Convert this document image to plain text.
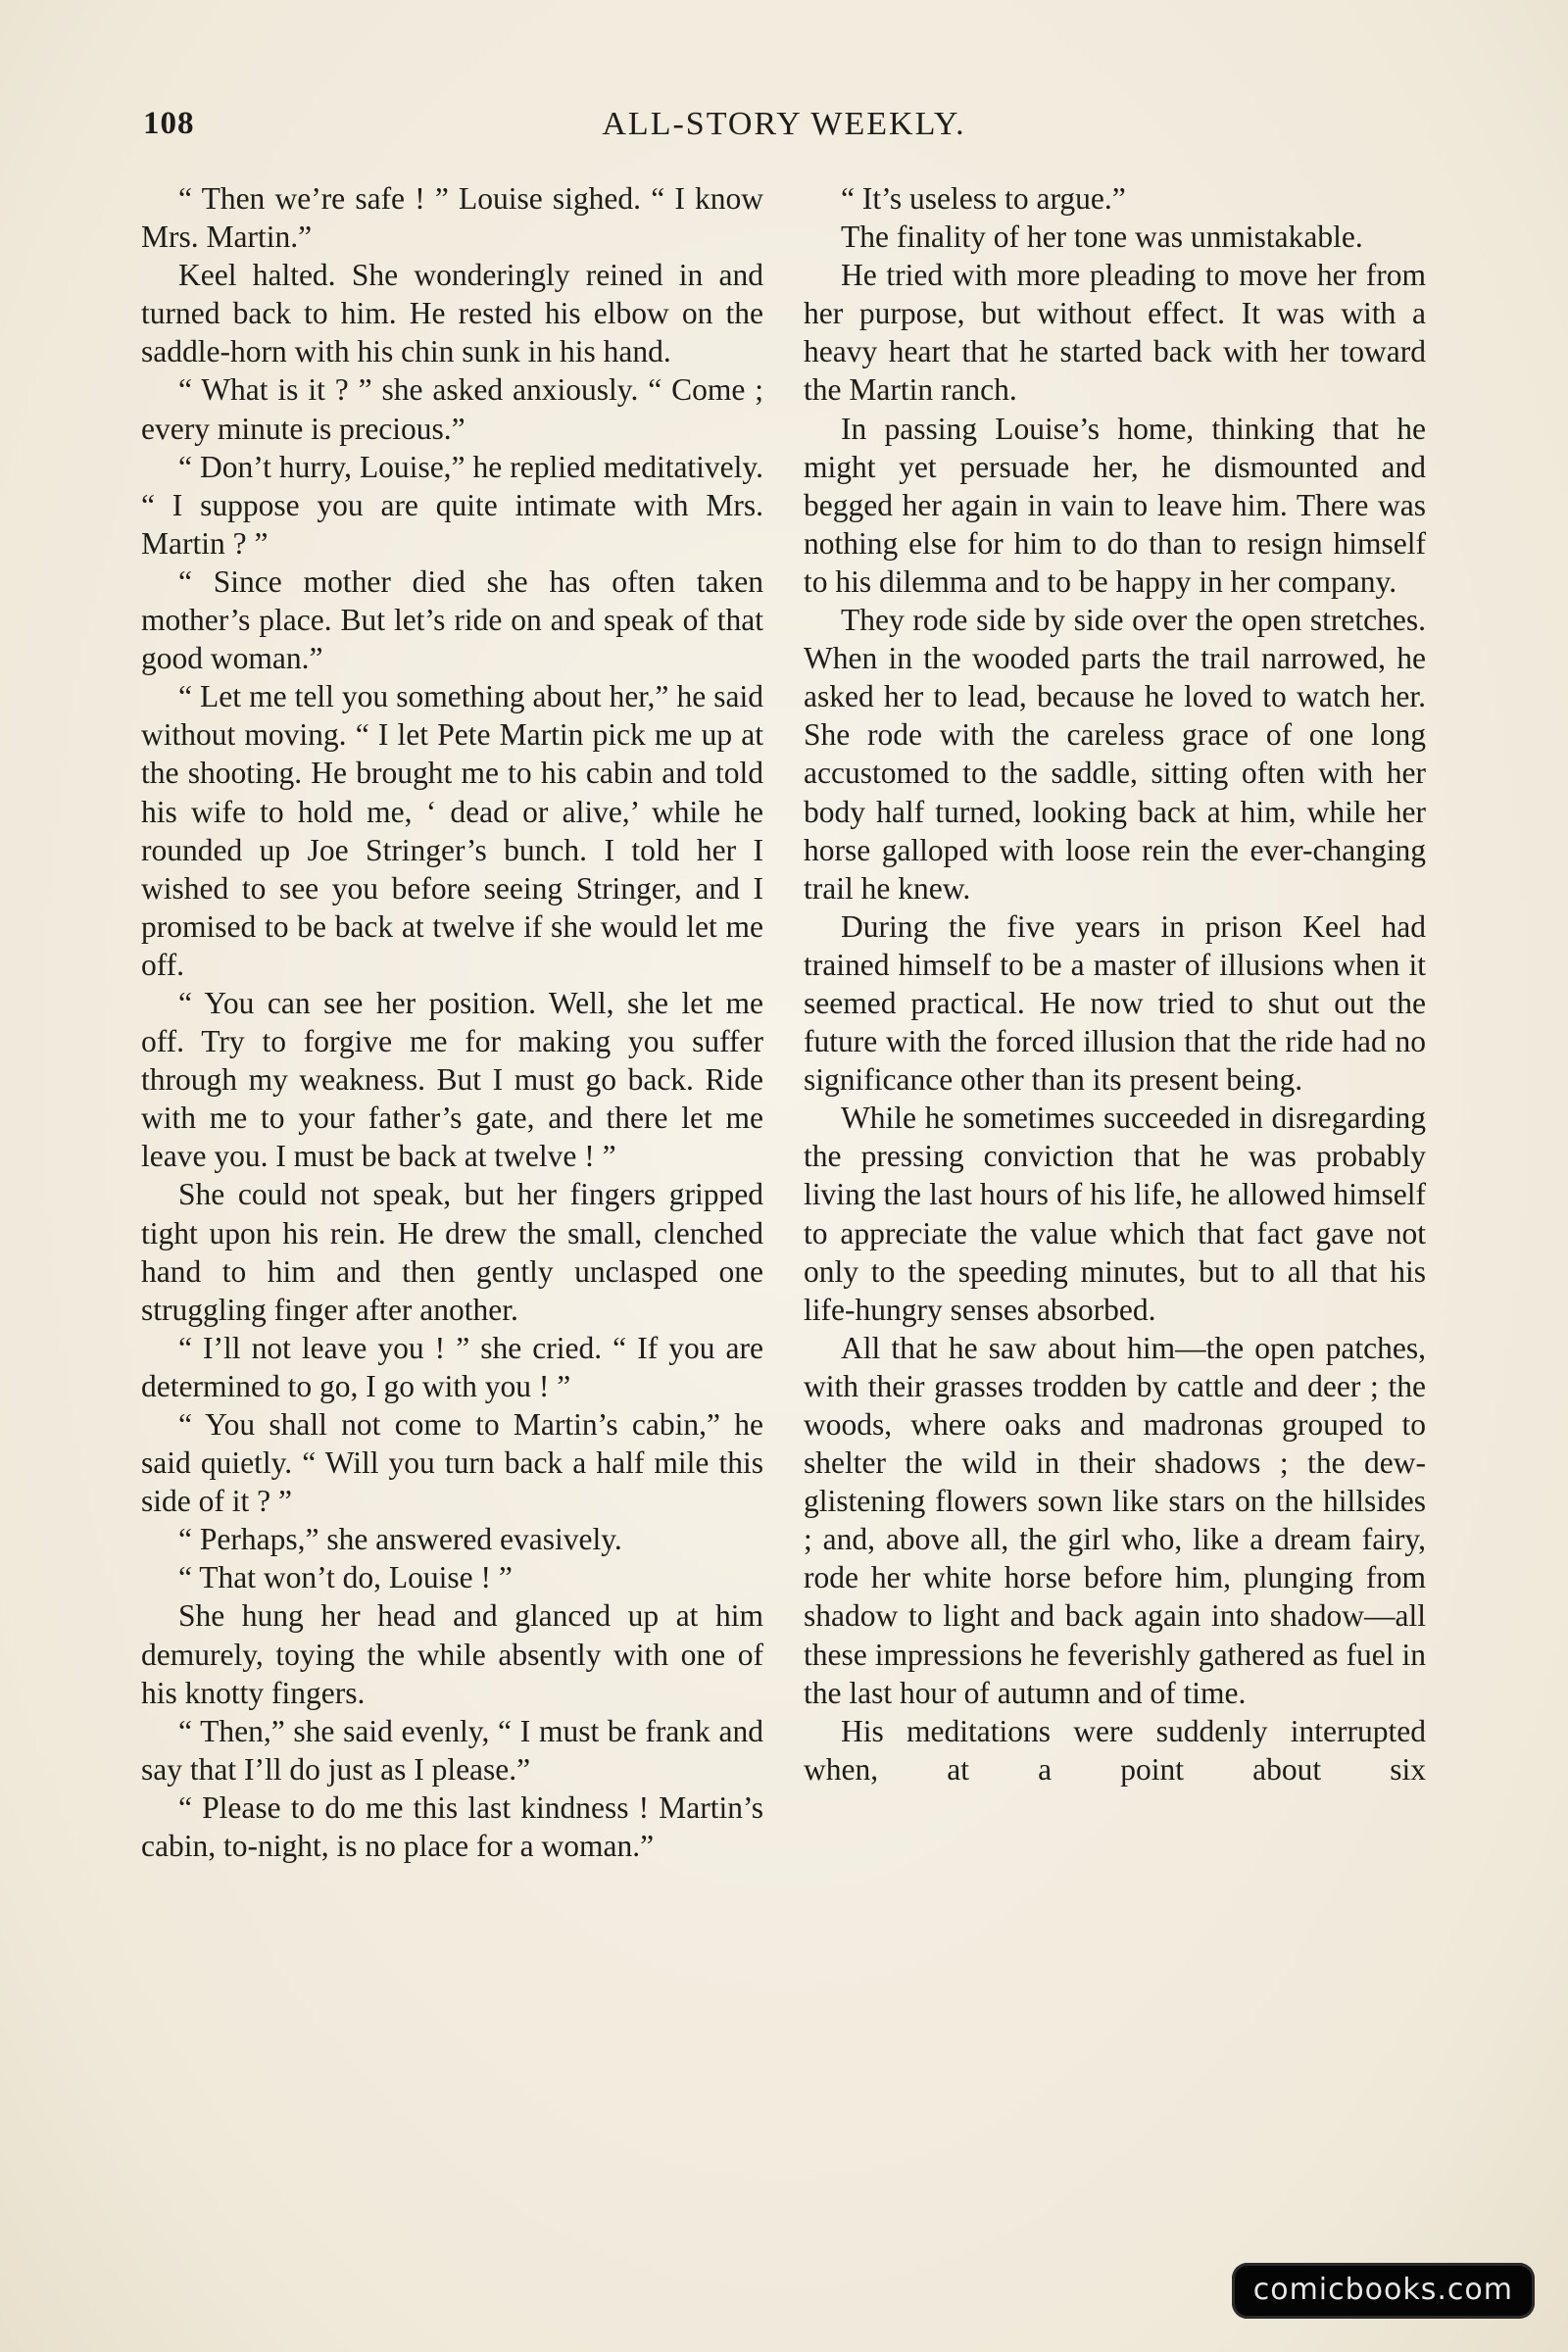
108	ALL-STORY WEEKLY.

“ Then we’re safe ! ” Louise sighed. “ I know Mrs. Martin.”

Keel halted. She wonderingly reined in and turned back to him. He rested his elbow on the saddle-horn with his chin sunk in his hand.

“ What is it ? ” she asked anxiously. “ Come ; every minute is precious.”

“ Don’t hurry, Louise,” he replied meditatively. “ I suppose you are quite intimate with Mrs. Martin ? ”

“ Since mother died she has often taken mother’s place. But let’s ride on and speak of that good woman.”

“ Let me tell you something about her,” he said without moving. “ I let Pete Martin pick me up at the shooting. He brought me to his cabin and told his wife to hold me, ‘ dead or alive,’ while he rounded up Joe Stringer’s bunch. I told her I wished to see you before seeing Stringer, and I promised to be back at twelve if she would let me off.

“ You can see her position. Well, she let me off. Try to forgive me for making you suffer through my weakness. But I must go back. Ride with me to your father’s gate, and there let me leave you. I must be back at twelve ! ”

She could not speak, but her fingers gripped tight upon his rein. He drew the small, clenched hand to him and then gently unclasped one struggling finger after another.

“ I’ll not leave you ! ” she cried. “ If you are determined to go, I go with you ! ”

“ You shall not come to Martin’s cabin,” he said quietly. “ Will you turn back a half mile this side of it ? ”

“ Perhaps,” she answered evasively.

“ That won’t do, Louise ! ”

She hung her head and glanced up at him demurely, toying the while absently with one of his knotty fingers.

“ Then,” she said evenly, “ I must be frank and say that I’ll do just as I please.”

“ Please to do me this last kindness ! Martin’s cabin, to-night, is no place for a woman.”

“ It’s useless to argue.”

The finality of her tone was unmistakable.

He tried with more pleading to move her from her purpose, but without effect. It was with a heavy heart that he started back with her toward the Martin ranch.

In passing Louise’s home, thinking that he might yet persuade her, he dismounted and begged her again in vain to leave him. There was nothing else for him to do than to resign himself to his dilemma and to be happy in her company.

They rode side by side over the open stretches. When in the wooded parts the trail narrowed, he asked her to lead, because he loved to watch her. She rode with the careless grace of one long accustomed to the saddle, sitting often with her body half turned, looking back at him, while her horse galloped with loose rein the ever-changing trail he knew.

During the five years in prison Keel had trained himself to be a master of illusions when it seemed practical. He now tried to shut out the future with the forced illusion that the ride had no significance other than its present being.

While he sometimes succeeded in disregarding the pressing conviction that he was probably living the last hours of his life, he allowed himself to appreciate the value which that fact gave not only to the speeding minutes, but to all that his life-hungry senses absorbed.

All that he saw about him—the open patches, with their grasses trodden by cattle and deer ; the woods, where oaks and madronas grouped to shelter the wild in their shadows ; the dew-glistening flowers sown like stars on the hillsides ; and, above all, the girl who, like a dream fairy, rode her white horse before him, plunging from shadow to light and back again into shadow—all these impressions he feverishly gathered as fuel in the last hour of autumn and of time.

His meditations were suddenly interrupted when, at a point about six

comicbooks.com
